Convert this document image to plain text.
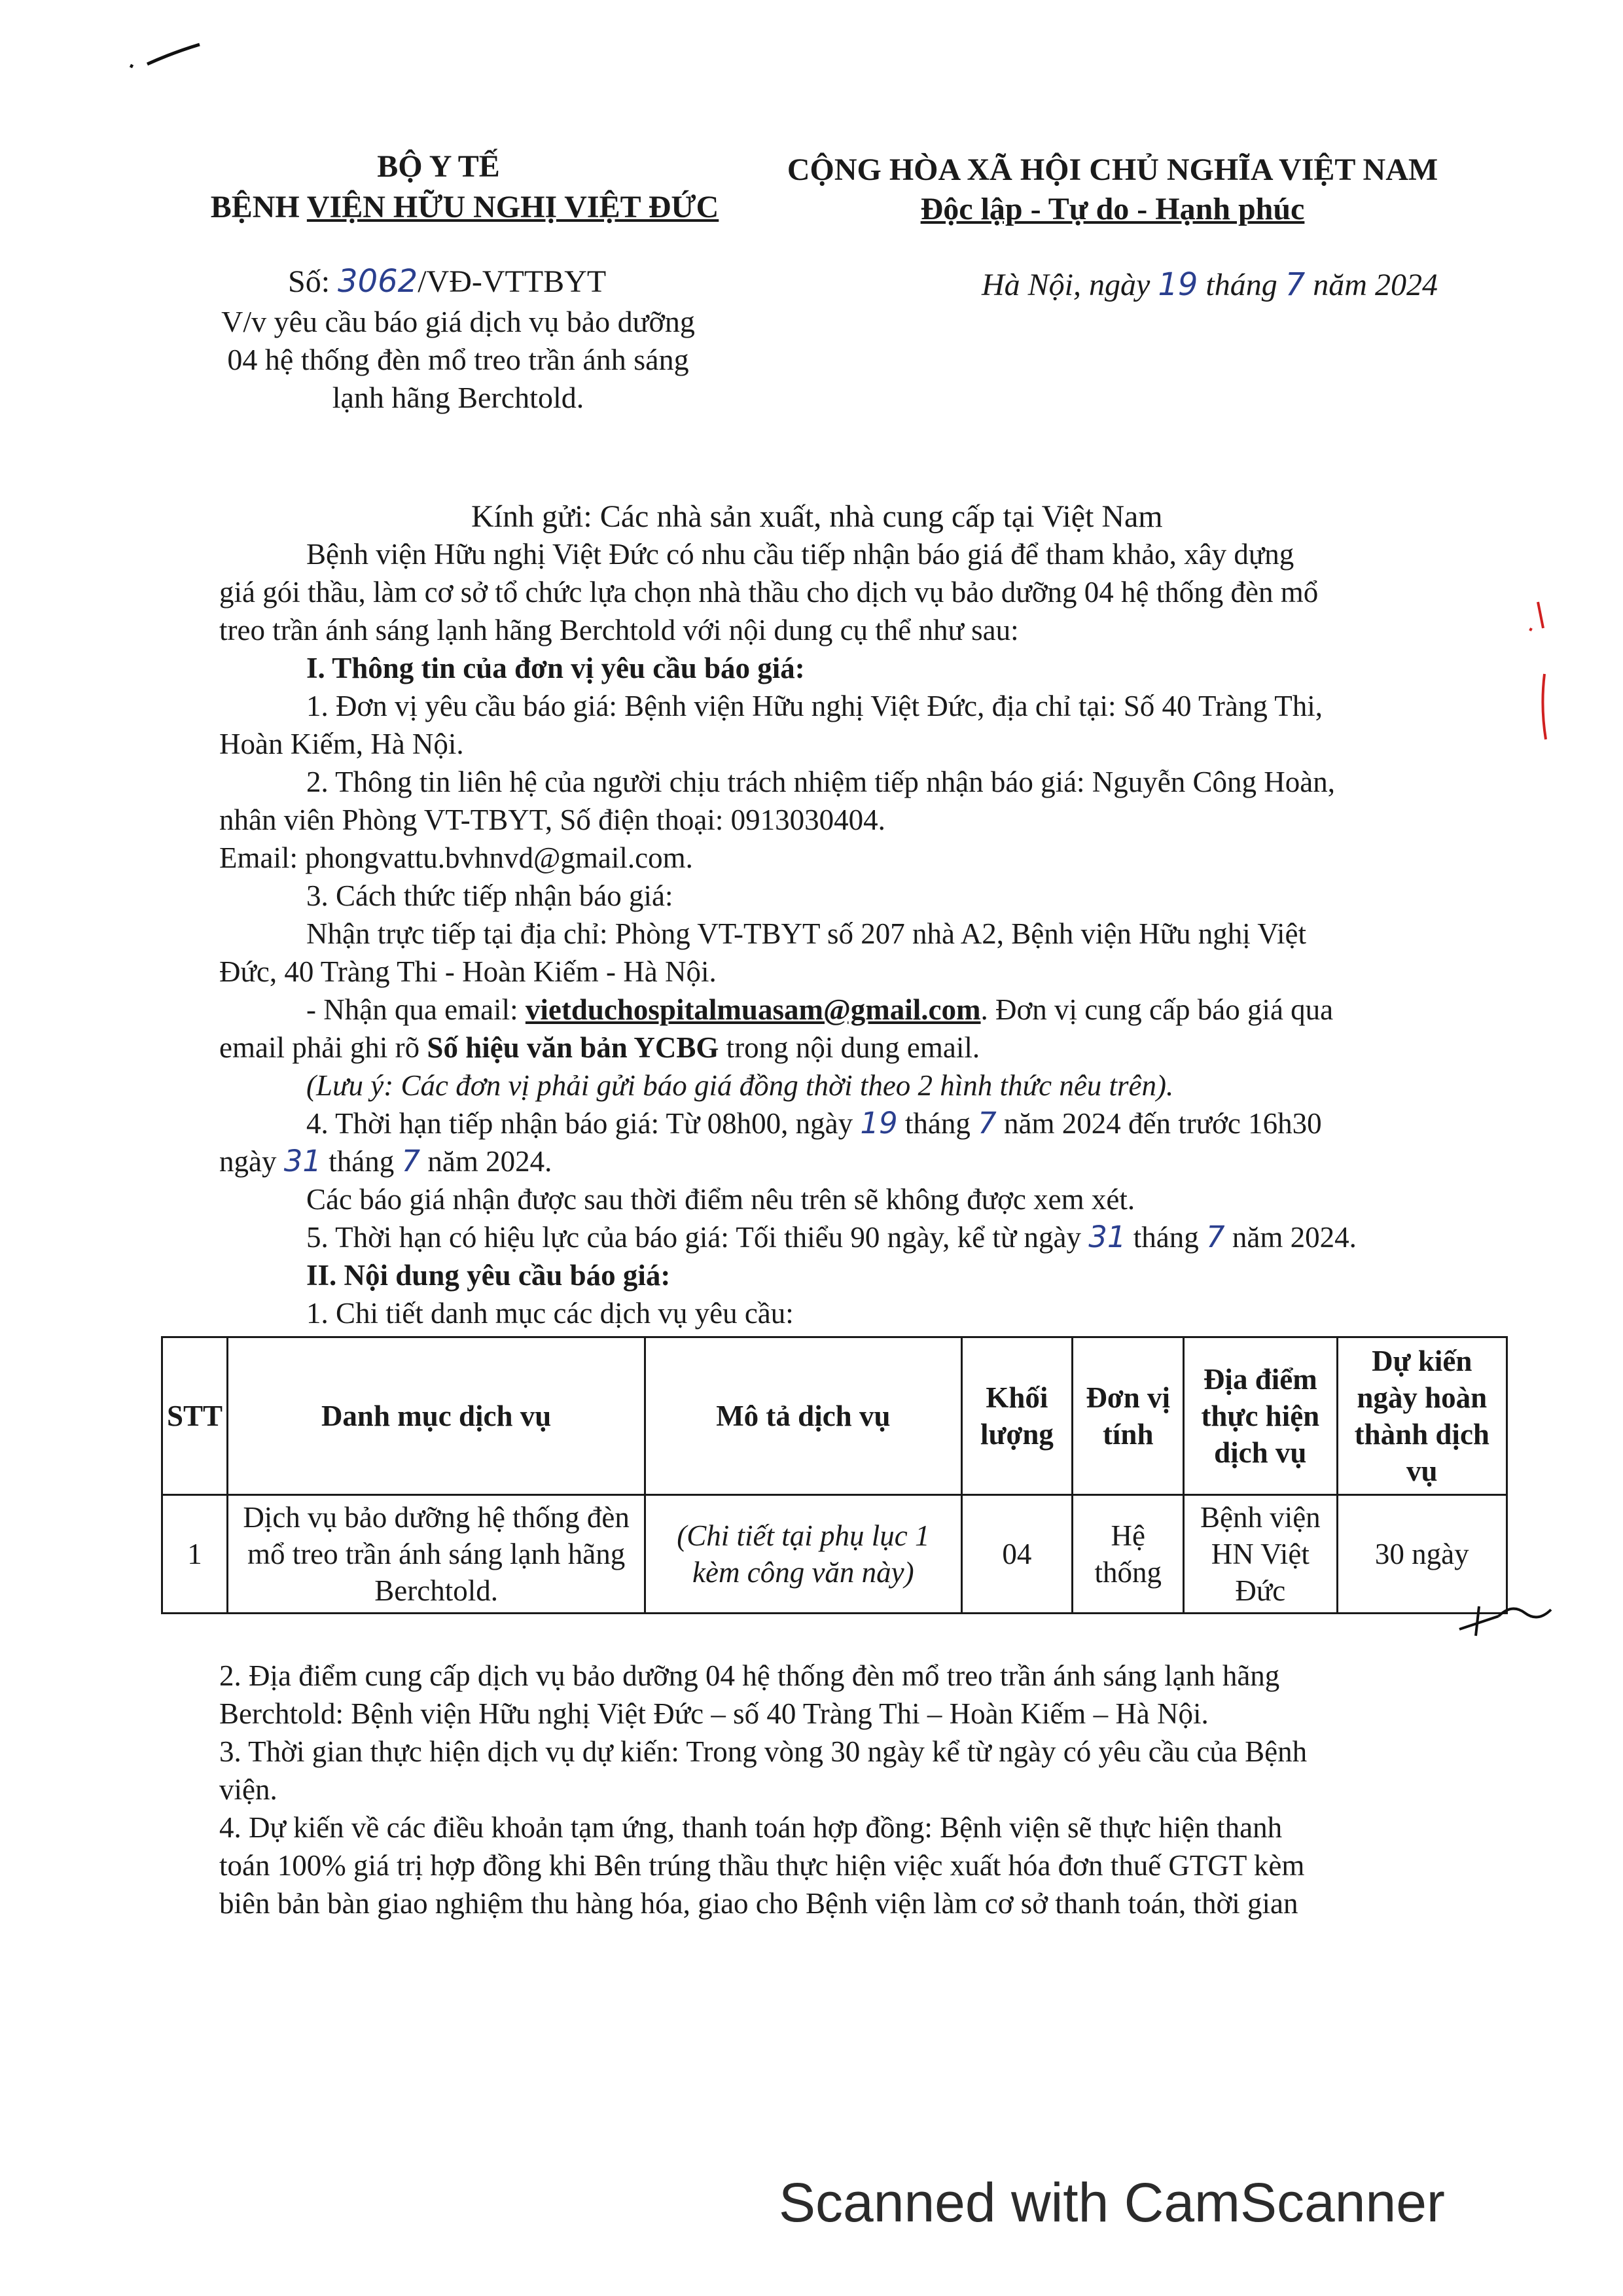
BỘ Y TẾ
BỆNH VIỆN HỮU NGHỊ VIỆT ĐỨC
CỘNG HÒA XÃ HỘI CHỦ NGHĨA VIỆT NAM
Độc lập - Tự do - Hạnh phúc
Số: 3062/VĐ-VTTBYT	Hà Nội, ngày 19 tháng 7 năm 2024
V/v yêu cầu báo giá dịch vụ bảo dưỡng
04 hệ thống đèn mổ treo trần ánh sáng
lạnh hãng Berchtold.
Kính gửi: Các nhà sản xuất, nhà cung cấp tại Việt Nam
Bệnh viện Hữu nghị Việt Đức có nhu cầu tiếp nhận báo giá để tham khảo, xây dựng
giá gói thầu, làm cơ sở tổ chức lựa chọn nhà thầu cho dịch vụ bảo dưỡng 04 hệ thống đèn mổ
treo trần ánh sáng lạnh hãng Berchtold với nội dung cụ thể như sau:
I. Thông tin của đơn vị yêu cầu báo giá:
1. Đơn vị yêu cầu báo giá: Bệnh viện Hữu nghị Việt Đức, địa chỉ tại: Số 40 Tràng Thi,
Hoàn Kiếm, Hà Nội.
2. Thông tin liên hệ của người chịu trách nhiệm tiếp nhận báo giá: Nguyễn Công Hoàn,
nhân viên Phòng VT-TBYT, Số điện thoại: 0913030404.
Email: phongvattu.bvhnvd@gmail.com.
3. Cách thức tiếp nhận báo giá:
Nhận trực tiếp tại địa chỉ: Phòng VT-TBYT số 207 nhà A2, Bệnh viện Hữu nghị Việt
Đức, 40 Tràng Thi - Hoàn Kiếm - Hà Nội.
- Nhận qua email: vietduchospitalmuasam@gmail.com. Đơn vị cung cấp báo giá qua
email phải ghi rõ Số hiệu văn bản YCBG trong nội dung email.
(Lưu ý: Các đơn vị phải gửi báo giá đồng thời theo 2 hình thức nêu trên).
4. Thời hạn tiếp nhận báo giá: Từ 08h00, ngày 19 tháng 7 năm 2024 đến trước 16h30
ngày 31 tháng 7 năm 2024.
Các báo giá nhận được sau thời điểm nêu trên sẽ không được xem xét.
5. Thời hạn có hiệu lực của báo giá: Tối thiểu 90 ngày, kể từ ngày 31 tháng 7 năm 2024.
II. Nội dung yêu cầu báo giá:
1. Chi tiết danh mục các dịch vụ yêu cầu:
STT	Danh mục dịch vụ	Mô tả dịch vụ	Khối lượng	Đơn vị tính	Địa điểm thực hiện dịch vụ	Dự kiến ngày hoàn thành dịch vụ
1	Dịch vụ bảo dưỡng hệ thống đèn mổ treo trần ánh sáng lạnh hãng Berchtold.	(Chi tiết tại phụ lục 1 kèm công văn này)	04	Hệ thống	Bệnh viện HN Việt Đức	30 ngày
2. Địa điểm cung cấp dịch vụ bảo dưỡng 04 hệ thống đèn mổ treo trần ánh sáng lạnh hãng
Berchtold: Bệnh viện Hữu nghị Việt Đức – số 40 Tràng Thi – Hoàn Kiếm – Hà Nội.
3. Thời gian thực hiện dịch vụ dự kiến: Trong vòng 30 ngày kể từ ngày có yêu cầu của Bệnh
viện.
4. Dự kiến về các điều khoản tạm ứng, thanh toán hợp đồng: Bệnh viện sẽ thực hiện thanh
toán 100% giá trị hợp đồng khi Bên trúng thầu thực hiện việc xuất hóa đơn thuế GTGT kèm
biên bản bàn giao nghiệm thu hàng hóa, giao cho Bệnh viện làm cơ sở thanh toán, thời gian
Scanned with CamScanner
